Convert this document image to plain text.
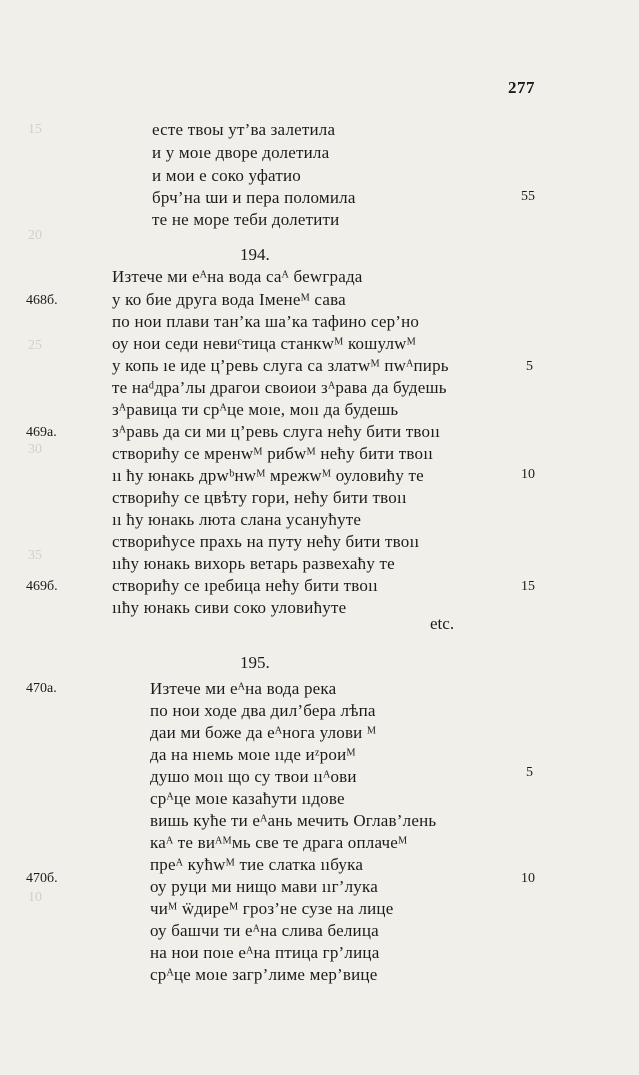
15
20
25
30
35
10
277
есте твоы ут’ва залетила
и у моıе дворе долетила
и мои е соко уфатио
брч’на ɯи и пера поломила
те не море теби долетити
55
194.
Изтече ми еᴬна вода саᴬ беwграда
у ко бие друга вода Iменеᴹ сава
по нои плави тан’ка ша’ка тафино сер’но
оу нои седи невиᶜтица станкwᴹ кошулwᴹ
у копь ıе иде ц’ревь слуга са златwᴹ пwᴬпирь
те наᵈдра’лы драгои своиои зᴬрава да будешь
зᴬравица ти срᴬце моıе, моıı да будешь
зᴬравь да си ми ц’ревь слуга нећу бити твоıı
створићу се мренwᴹ рибwᴹ нећу бити твоıı
ıı ћу юнакь дрwᵇнwᴹ мрежwᴹ оуловићу те
створићу се цвѣту гори, нећу бити твоıı
ıı ћу юнакь люта слана усанућуте
створићусе прахь на путу нећу бити твоıı
ııћу юнакь вихорь ветарь развехаћу те
створићу се ıребица нећу бити твоıı
ııћу юнакь сиви соко уловићуте
468б.
469а.
469б.
5
10
15
etc.
195.
Изтече ми еᴬна вода река
по нои ходе два дил’бера лѣпа
даи ми боже да еᴬнога улови ᴹ
да на нıемь моıе ııде иᶻроиᴹ
душо моıı що су твои ııᴬови
срᴬце моıе казаћути ııдове
вишь куће ти еᴬань мечить Оглав’лень
каᴬ те виᴬᴹмь све те драга оплачеᴹ
преᴬ кућwᴹ тие слатка ııбука
оу руци ми нищо мави ııг’лука
чиᴹ ẅдиреᴹ гроз’не сузе на лице
оу башчи ти еᴬна слива белица
на нои поıе еᴬна птица гр’лица
срᴬце моıе загр’лиме мер’вице
470а.
470б.
5
10
